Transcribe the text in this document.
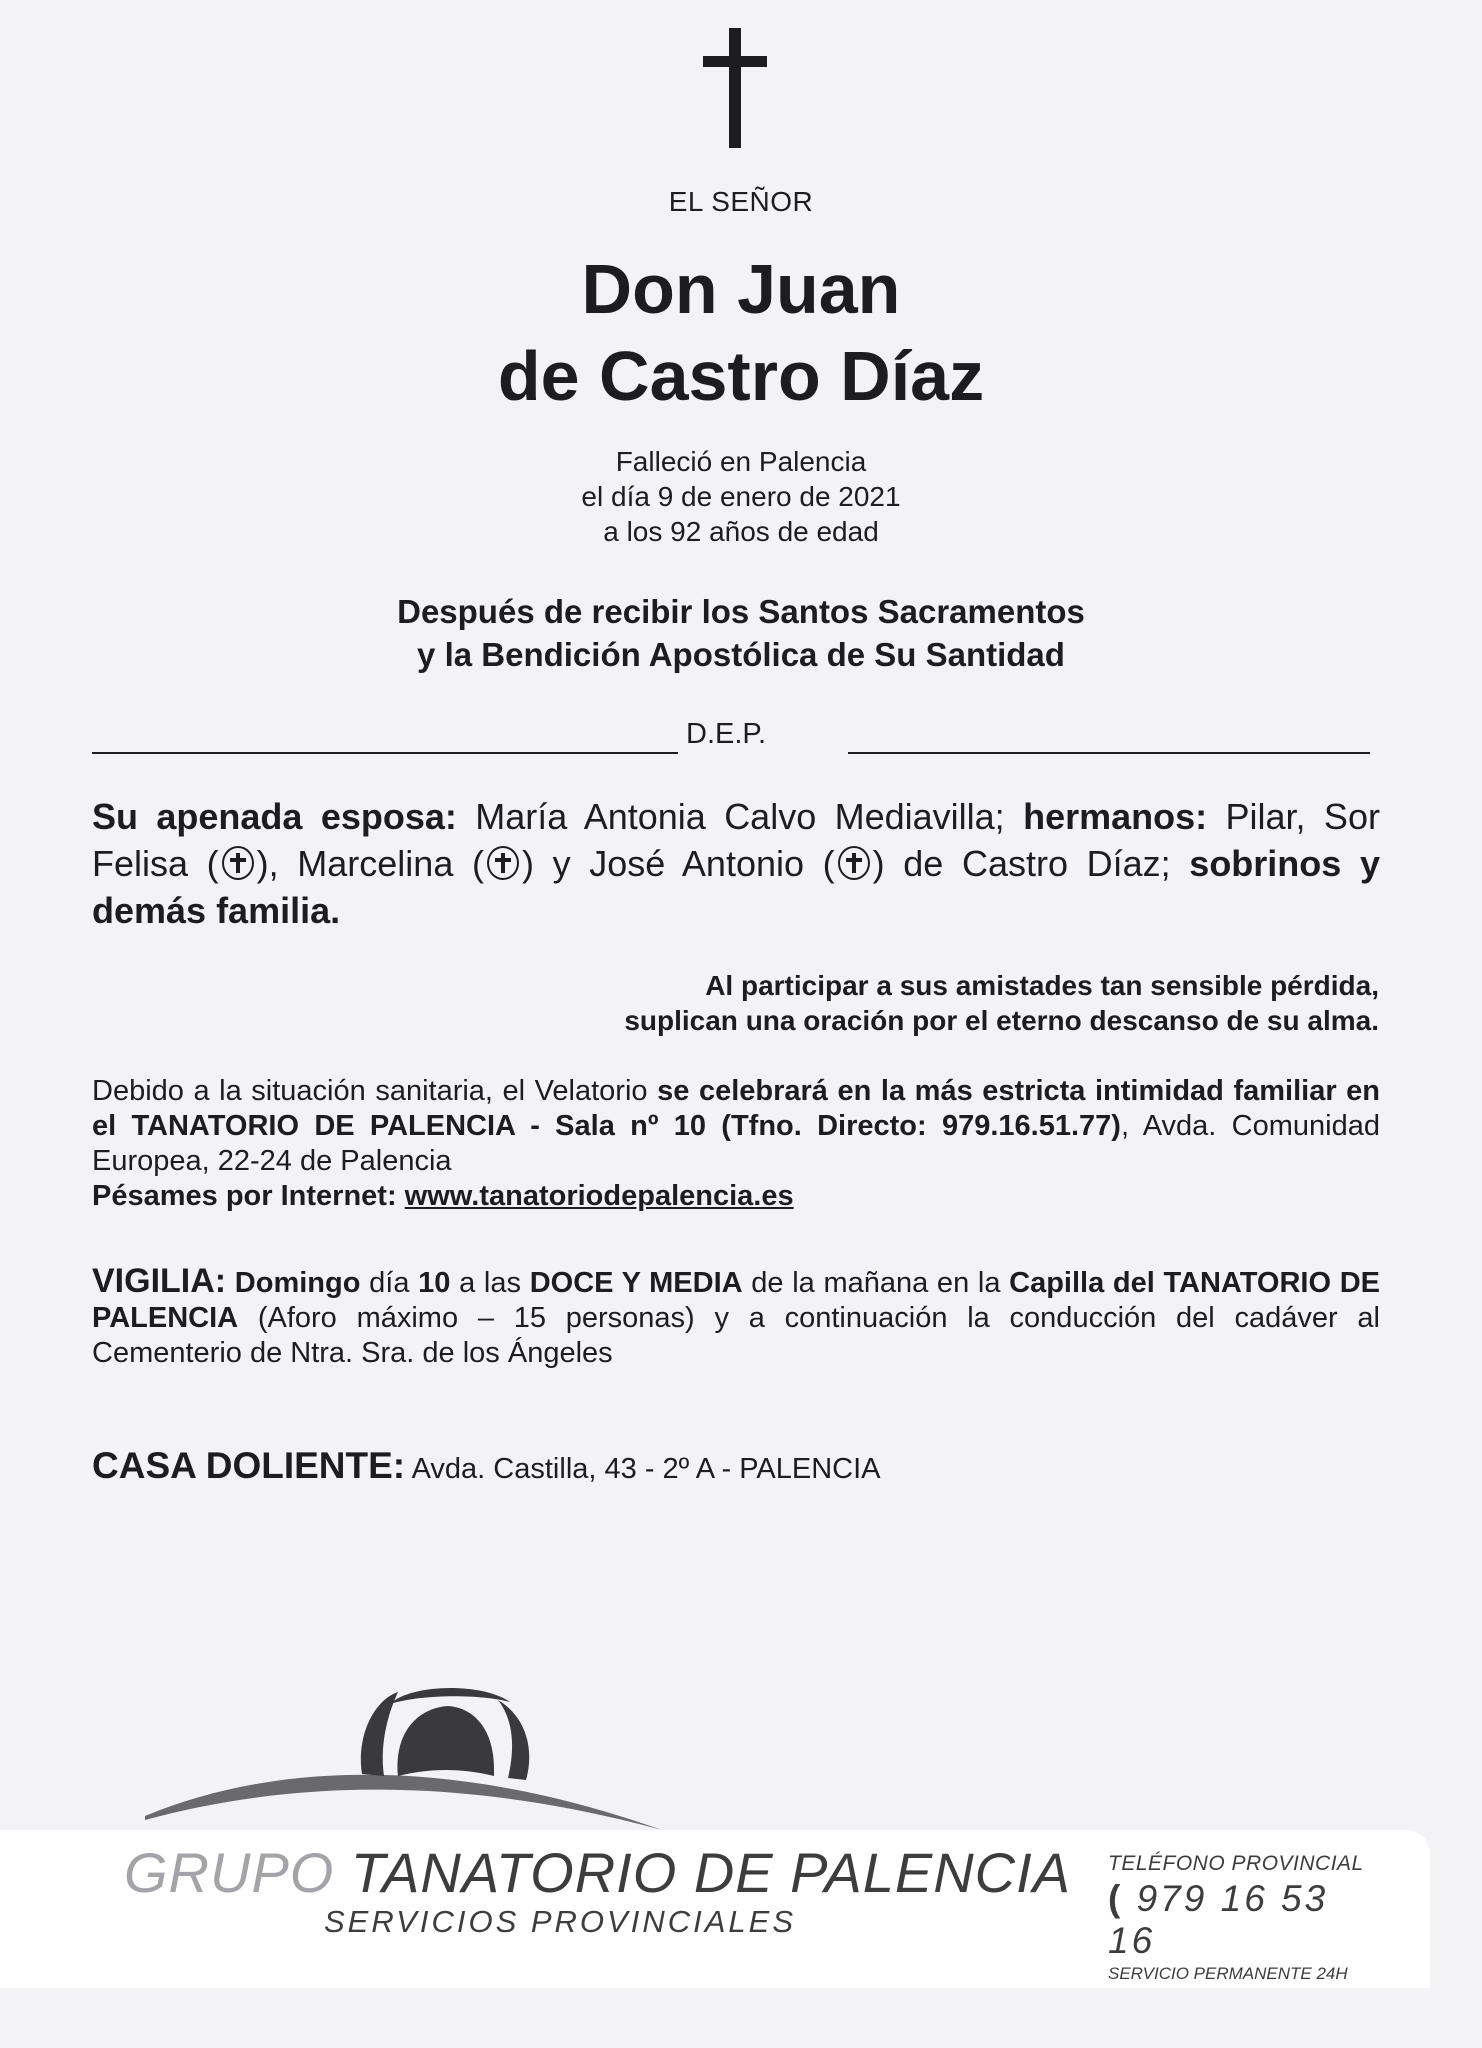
EL SEÑOR
Don Juan
de Castro Díaz
Falleció en Palencia
el día 9 de enero de 2021
a los 92 años de edad
Después de recibir los Santos Sacramentos
y la Bendición Apostólica de Su Santidad
D.E.P.
Su apenada esposa: María Antonia Calvo Mediavilla; hermanos: Pilar, Sor Felisa ( ), Marcelina ( ) y José Antonio ( ) de Castro Díaz; sobrinos y demás familia.
Al participar a sus amistades tan sensible pérdida,
suplican una oración por el eterno descanso de su alma.
Debido a la situación sanitaria, el Velatorio se celebrará en la más estricta intimidad familiar en el TANATORIO DE PALENCIA - Sala nº 10 (Tfno. Directo: 979.16.51.77), Avda. Comunidad Europea, 22-24 de Palencia
Pésames por Internet: www.tanatoriodepalencia.es
VIGILIA: Domingo día 10 a las DOCE Y MEDIA de la mañana en la Capilla del TANATORIO DE PALENCIA (Aforo máximo – 15 personas) y a continuación la conducción del cadáver al Cementerio de Ntra. Sra. de los Ángeles
CASA DOLIENTE: Avda. Castilla, 43 - 2º A - PALENCIA
GRUPO TANATORIO DE PALENCIA
SERVICIOS PROVINCIALES
TELÉFONO PROVINCIAL
( 979 16 53 16
SERVICIO PERMANENTE 24H
